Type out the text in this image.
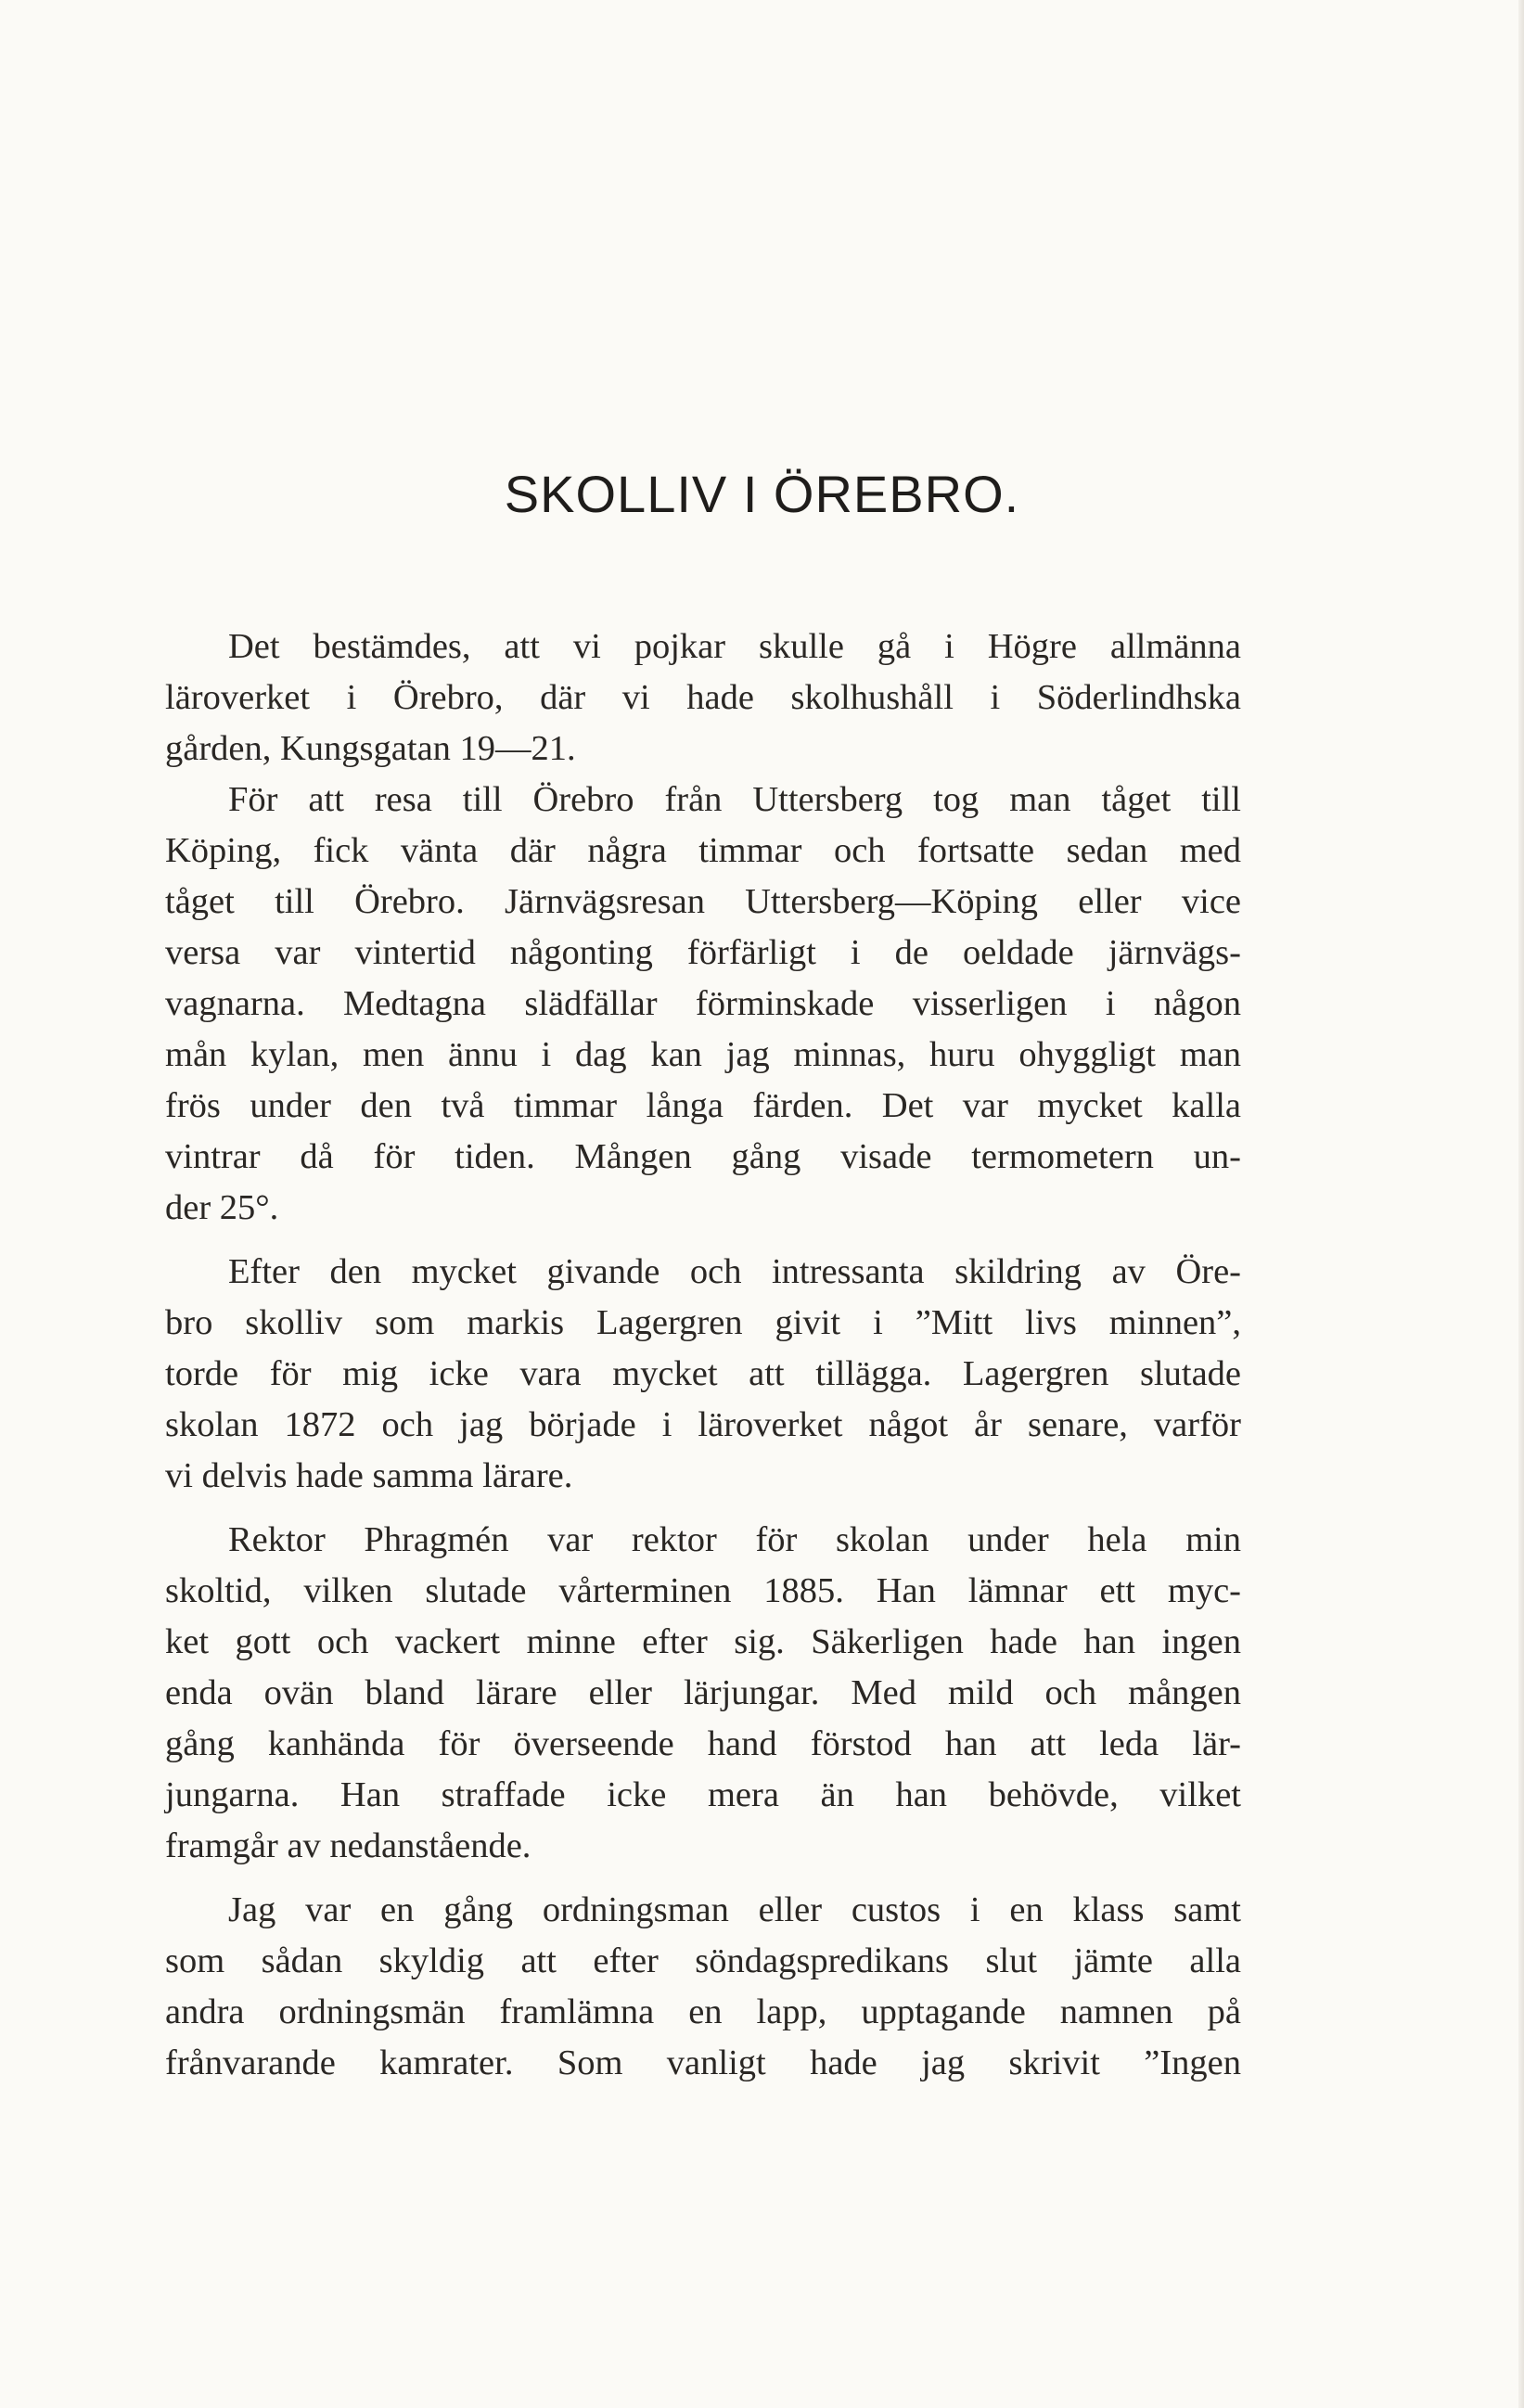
SKOLLIV I ÖREBRO.
Det bestämdes, att vi pojkar skulle gå i Högre allmänna
läroverket i Örebro, där vi hade skolhushåll i Söderlindhska
gården, Kungsgatan 19—21.
För att resa till Örebro från Uttersberg tog man tåget till
Köping, fick vänta där några timmar och fortsatte sedan med
tåget till Örebro. Järnvägsresan Uttersberg—Köping eller vice
versa var vintertid någonting förfärligt i de oeldade järnvägs-
vagnarna. Medtagna slädfällar förminskade visserligen i någon
mån kylan, men ännu i dag kan jag minnas, huru ohyggligt man
frös under den två timmar långa färden. Det var mycket kalla
vintrar då för tiden. Mången gång visade termometern un-
der 25°.
Efter den mycket givande och intressanta skildring av Öre-
bro skolliv som markis Lagergren givit i ”Mitt livs minnen”,
torde för mig icke vara mycket att tillägga. Lagergren slutade
skolan 1872 och jag började i läroverket något år senare, varför
vi delvis hade samma lärare.
Rektor Phragmén var rektor för skolan under hela min
skoltid, vilken slutade vårterminen 1885. Han lämnar ett myc-
ket gott och vackert minne efter sig. Säkerligen hade han ingen
enda ovän bland lärare eller lärjungar. Med mild och mången
gång kanhända för överseende hand förstod han att leda lär-
jungarna. Han straffade icke mera än han behövde, vilket
framgår av nedanstående.
Jag var en gång ordningsman eller custos i en klass samt
som sådan skyldig att efter söndagspredikans slut jämte alla
andra ordningsmän framlämna en lapp, upptagande namnen på
frånvarande kamrater. Som vanligt hade jag skrivit ”Ingen
